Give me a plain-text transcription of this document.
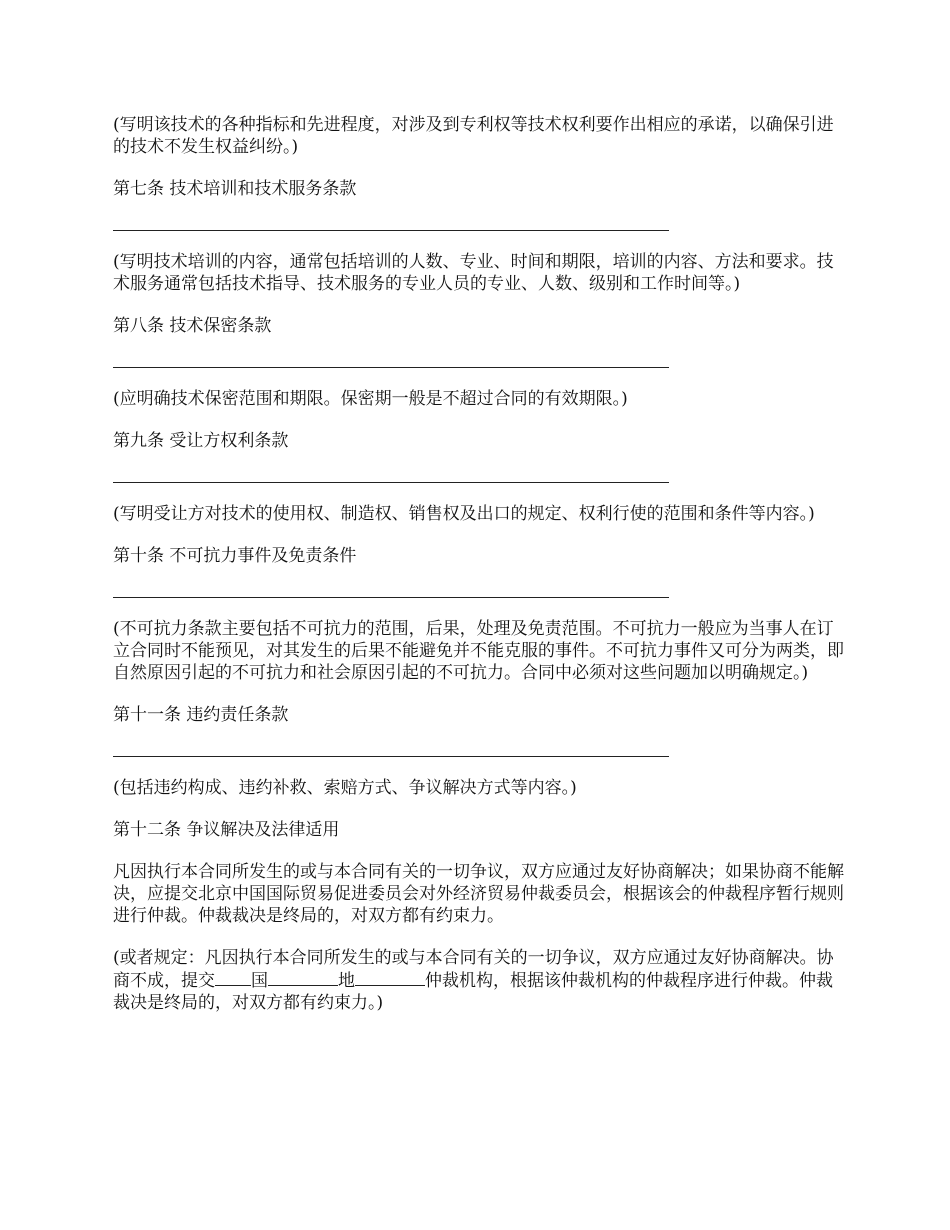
(写明该技术的各种指标和先进程度，对涉及到专利权等技术权利要作出相应的承诺，以确保引进的技术不发生权益纠纷。)

第七条 技术培训和技术服务条款

(写明技术培训的内容，通常包括培训的人数、专业、时间和期限，培训的内容、方法和要求。技术服务通常包括技术指导、技术服务的专业人员的专业、人数、级别和工作时间等。)

第八条 技术保密条款

(应明确技术保密范围和期限。保密期一般是不超过合同的有效期限。)

第九条 受让方权利条款

(写明受让方对技术的使用权、制造权、销售权及出口的规定、权利行使的范围和条件等内容。)

第十条 不可抗力事件及免责条件

(不可抗力条款主要包括不可抗力的范围，后果，处理及免责范围。不可抗力一般应为当事人在订立合同时不能预见，对其发生的后果不能避免并不能克服的事件。不可抗力事件又可分为两类，即自然原因引起的不可抗力和社会原因引起的不可抗力。合同中必须对这些问题加以明确规定。)

第十一条 违约责任条款

(包括违约构成、违约补救、索赔方式、争议解决方式等内容。)

第十二条 争议解决及法律适用

凡因执行本合同所发生的或与本合同有关的一切争议，双方应通过友好协商解决；如果协商不能解决，应提交北京中国国际贸易促进委员会对外经济贸易仲裁委员会，根据该会的仲裁程序暂行规则进行仲裁。仲裁裁决是终局的，对双方都有约束力。

(或者规定：凡因执行本合同所发生的或与本合同有关的一切争议，双方应通过友好协商解决。协商不成，提交 国	地	仲裁机构，根据该仲裁机构的仲裁程序进行仲裁。仲裁裁决是终局的，对双方都有约束力。)
